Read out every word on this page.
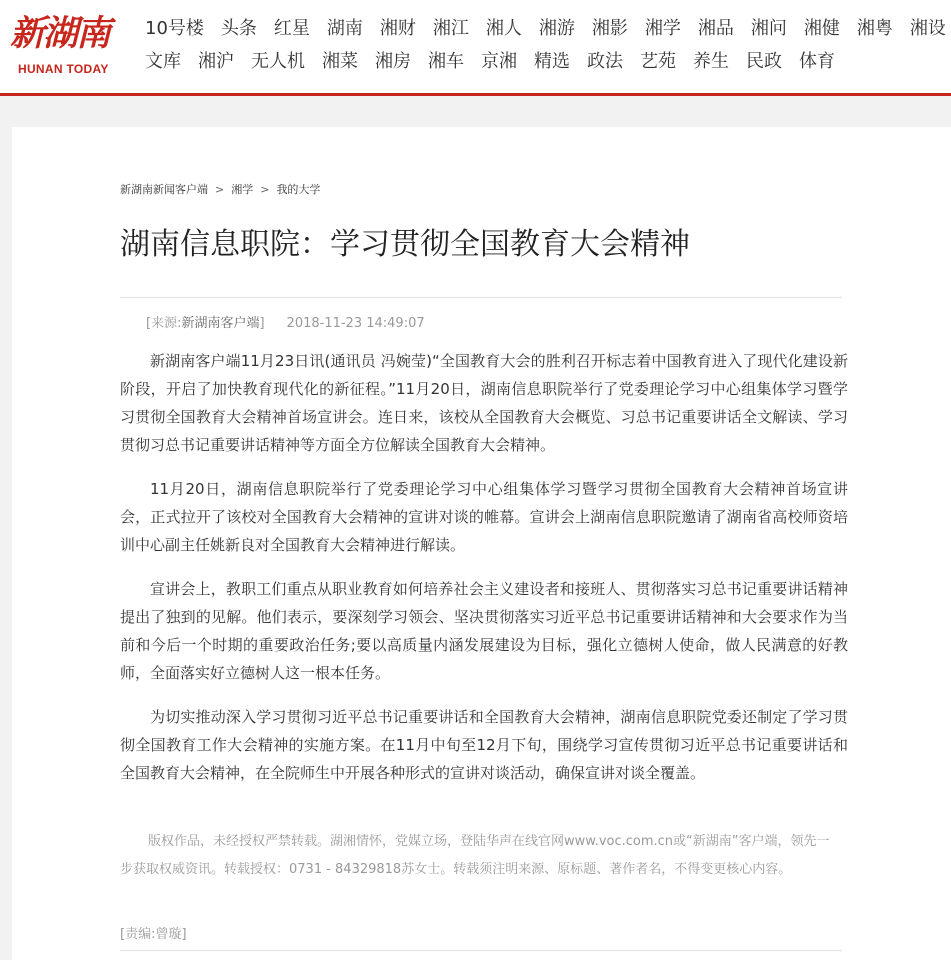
新湖南
HUNAN TODAY
10号楼 头条 红星 湖南 湘财 湘江 湘人 湘游 湘影 湘学 湘品 湘问 湘健 湘粤 湘设
文库 湘沪 无人机 湘菜 湘房 湘车 京湘 精选 政法 艺苑 养生 民政 体育
新湖南新闻客户端 > 湘学 > 我的大学
湖南信息职院：学习贯彻全国教育大会精神
[来源:新湖南客户端] 2018-11-23 14:49:07

新湖南客户端11月23日讯(通讯员 冯婉莹)“全国教育大会的胜利召开标志着中国教育进入了现代化建设新阶段，开启了加快教育现代化的新征程。”11月20日，湖南信息职院举行了党委理论学习中心组集体学习暨学习贯彻全国教育大会精神首场宣讲会。连日来，该校从全国教育大会概览、习总书记重要讲话全文解读、学习贯彻习总书记重要讲话精神等方面全方位解读全国教育大会精神。

11月20日，湖南信息职院举行了党委理论学习中心组集体学习暨学习贯彻全国教育大会精神首场宣讲会，正式拉开了该校对全国教育大会精神的宣讲对谈的帷幕。宣讲会上湖南信息职院邀请了湖南省高校师资培训中心副主任姚新良对全国教育大会精神进行解读。

宣讲会上，教职工们重点从职业教育如何培养社会主义建设者和接班人、贯彻落实习总书记重要讲话精神提出了独到的见解。他们表示，要深刻学习领会、坚决贯彻落实习近平总书记重要讲话精神和大会要求作为当前和今后一个时期的重要政治任务;要以高质量内涵发展建设为目标，强化立德树人使命，做人民满意的好教师，全面落实好立德树人这一根本任务。

为切实推动深入学习贯彻习近平总书记重要讲话和全国教育大会精神，湖南信息职院党委还制定了学习贯彻全国教育工作大会精神的实施方案。在11月中旬至12月下旬，围绕学习宣传贯彻习近平总书记重要讲话和全国教育大会精神，在全院师生中开展各种形式的宣讲对谈活动，确保宣讲对谈全覆盖。

版权作品，未经授权严禁转载。湖湘情怀，党媒立场，登陆华声在线官网www.voc.com.cn或“新湖南”客户端，领先一步获取权威资讯。转载授权：0731 - 84329818苏女士。转载须注明来源、原标题、著作者名，不得变更核心内容。

[责编:曾璇]
